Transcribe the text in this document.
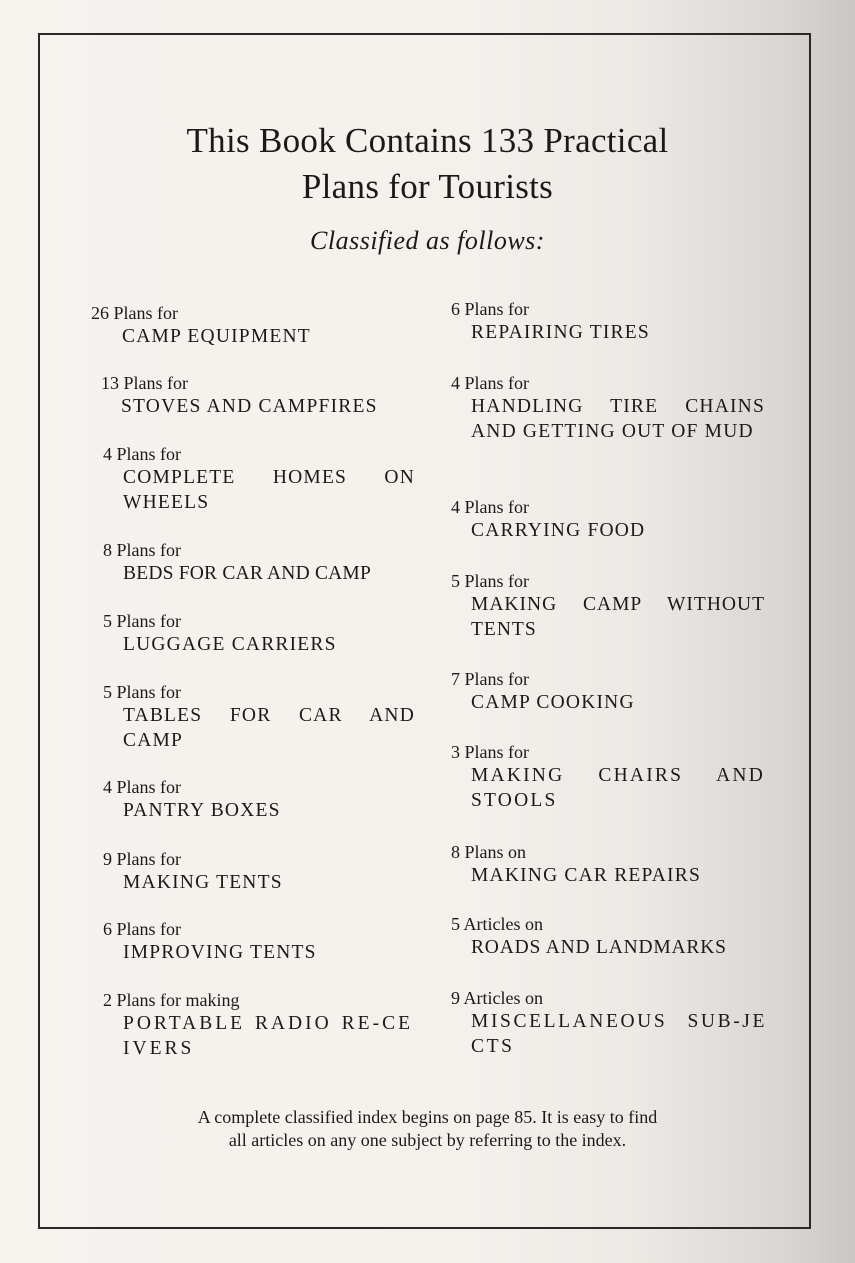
This Book Contains 133 Practical
Plans for Tourists
Classified as follows:
26 Plans for
CAMP EQUIPMENT
13 Plans for
STOVES AND CAMPFIRES
4 Plans for
COMPLETE HOMES ON WHEELS
8 Plans for
BEDS FOR CAR AND CAMP
5 Plans for
LUGGAGE CARRIERS
5 Plans for
TABLES FOR CAR AND CAMP
4 Plans for
PANTRY BOXES
9 Plans for
MAKING TENTS
6 Plans for
IMPROVING TENTS
2 Plans for making
PORTABLE RADIO RE-CEIVERS
6 Plans for
REPAIRING TIRES
4 Plans for
HANDLING TIRE CHAINS AND GETTING OUT OF MUD
4 Plans for
CARRYING FOOD
5 Plans for
MAKING CAMP WITHOUT TENTS
7 Plans for
CAMP COOKING
3 Plans for
MAKING CHAIRS AND STOOLS
8 Plans on
MAKING CAR REPAIRS
5 Articles on
ROADS AND LANDMARKS
9 Articles on
MISCELLANEOUS SUB-JECTS
A complete classified index begins on page 85. It is easy to find
all articles on any one subject by referring to the index.
